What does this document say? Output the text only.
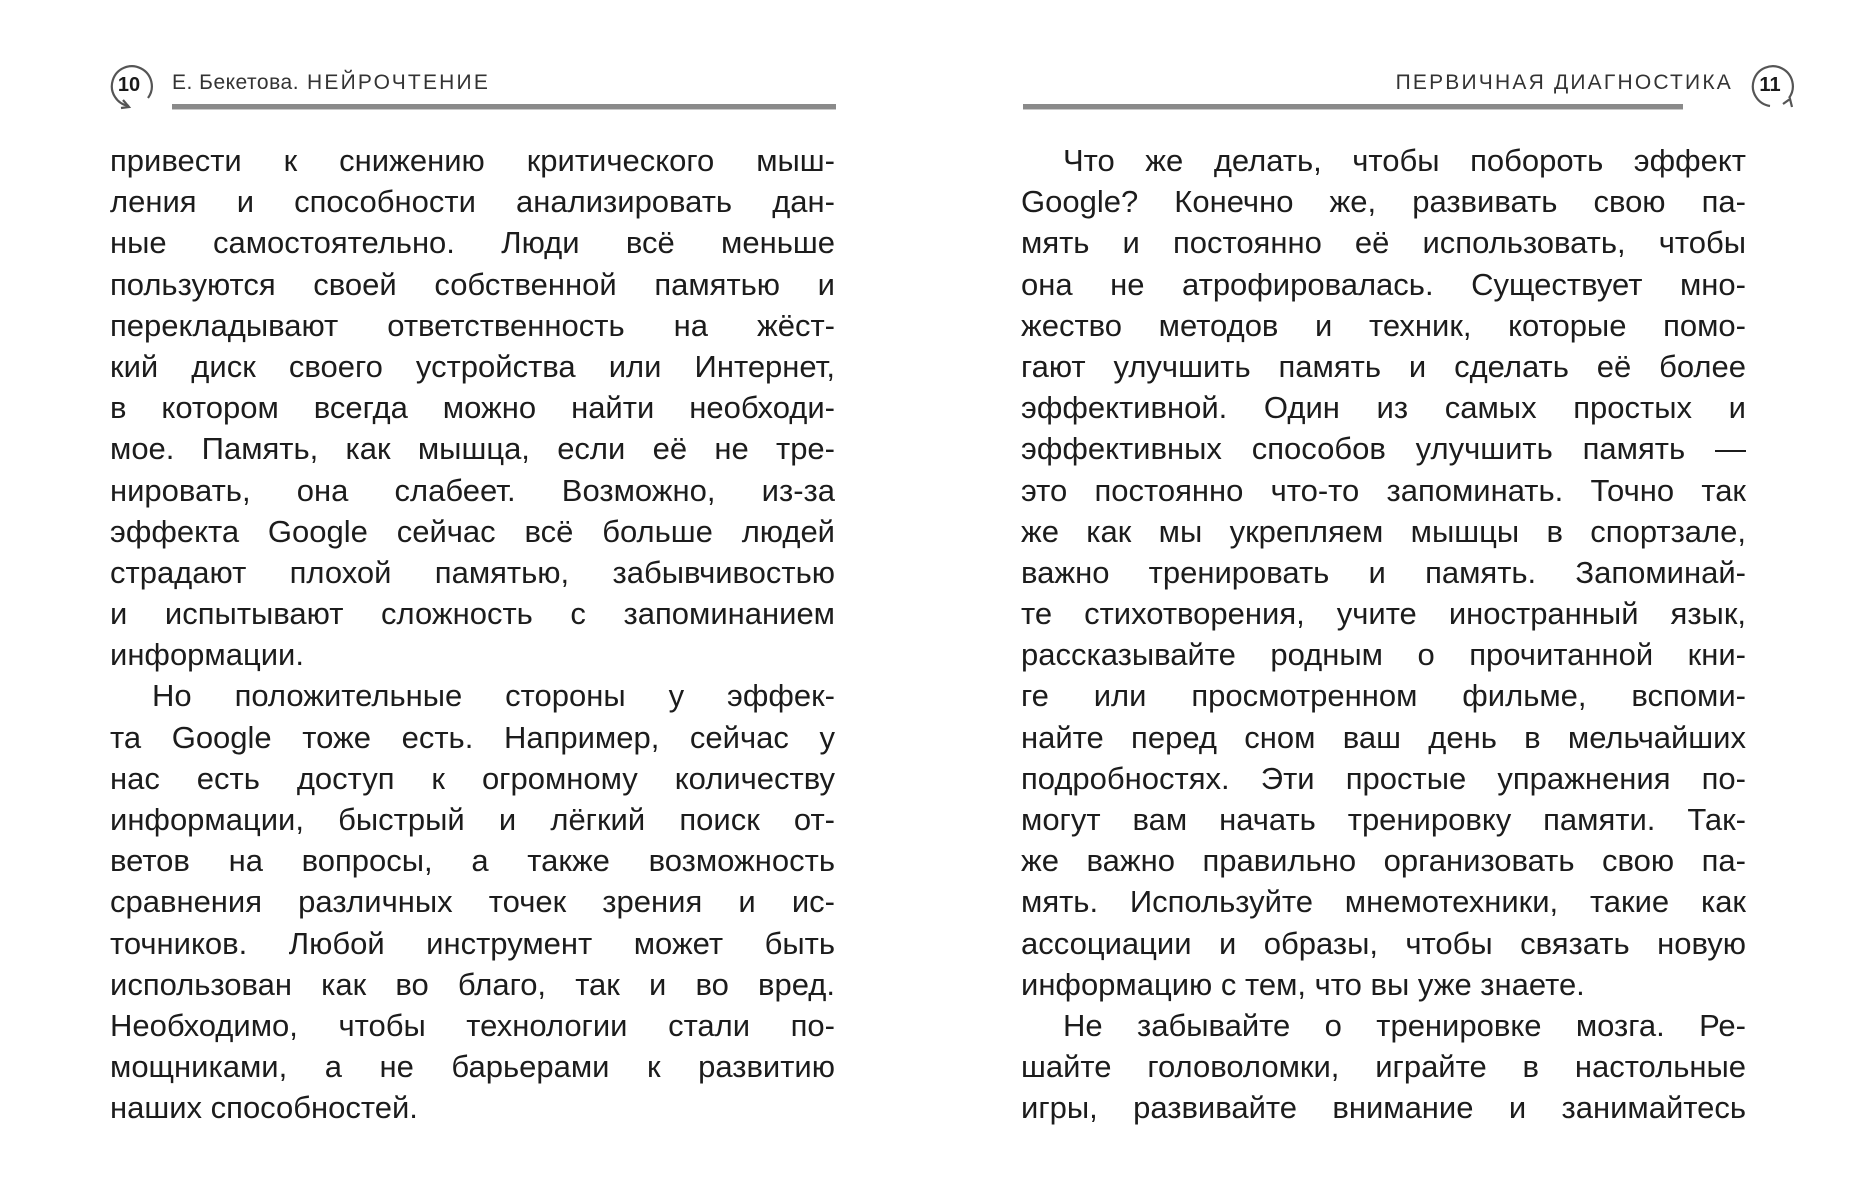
10	Е. Бекетова. НЕЙРОЧТЕНИЕ
привести к снижению критического мыш-
ления и способности анализировать дан-
ные самостоятельно. Люди всё меньше
пользуются своей собственной памятью и
перекладывают ответственность на жёст-
кий диск своего устройства или Интернет,
в котором всегда можно найти необходи-
мое. Память, как мышца, если её не тре-
нировать, она слабеет. Возможно, из-за
эффекта Google сейчас всё больше людей
страдают плохой памятью, забывчивостью
и испытывают сложность с запоминанием
информации.
Но положительные стороны у эффек-
та Google тоже есть. Например, сейчас у
нас есть доступ к огромному количеству
информации, быстрый и лёгкий поиск от-
ветов на вопросы, а также возможность
сравнения различных точек зрения и ис-
точников. Любой инструмент может быть
использован как во благо, так и во вред.
Необходимо, чтобы технологии стали по-
мощниками, а не барьерами к развитию
наших способностей.
ПЕРВИЧНАЯ ДИАГНОСТИКА	11
Что же делать, чтобы побороть эффект
Google? Конечно же, развивать свою па-
мять и постоянно её использовать, чтобы
она не атрофировалась. Существует мно-
жество методов и техник, которые помо-
гают улучшить память и сделать её более
эффективной. Один из самых простых и
эффективных способов улучшить память —
это постоянно что-то запоминать. Точно так
же как мы укрепляем мышцы в спортзале,
важно тренировать и память. Запоминай-
те стихотворения, учите иностранный язык,
рассказывайте родным о прочитанной кни-
ге или просмотренном фильме, вспоми-
найте перед сном ваш день в мельчайших
подробностях. Эти простые упражнения по-
могут вам начать тренировку памяти. Так-
же важно правильно организовать свою па-
мять. Используйте мнемотехники, такие как
ассоциации и образы, чтобы связать новую
информацию с тем, что вы уже знаете.
Не забывайте о тренировке мозга. Ре-
шайте головоломки, играйте в настольные
игры, развивайте внимание и занимайтесь
